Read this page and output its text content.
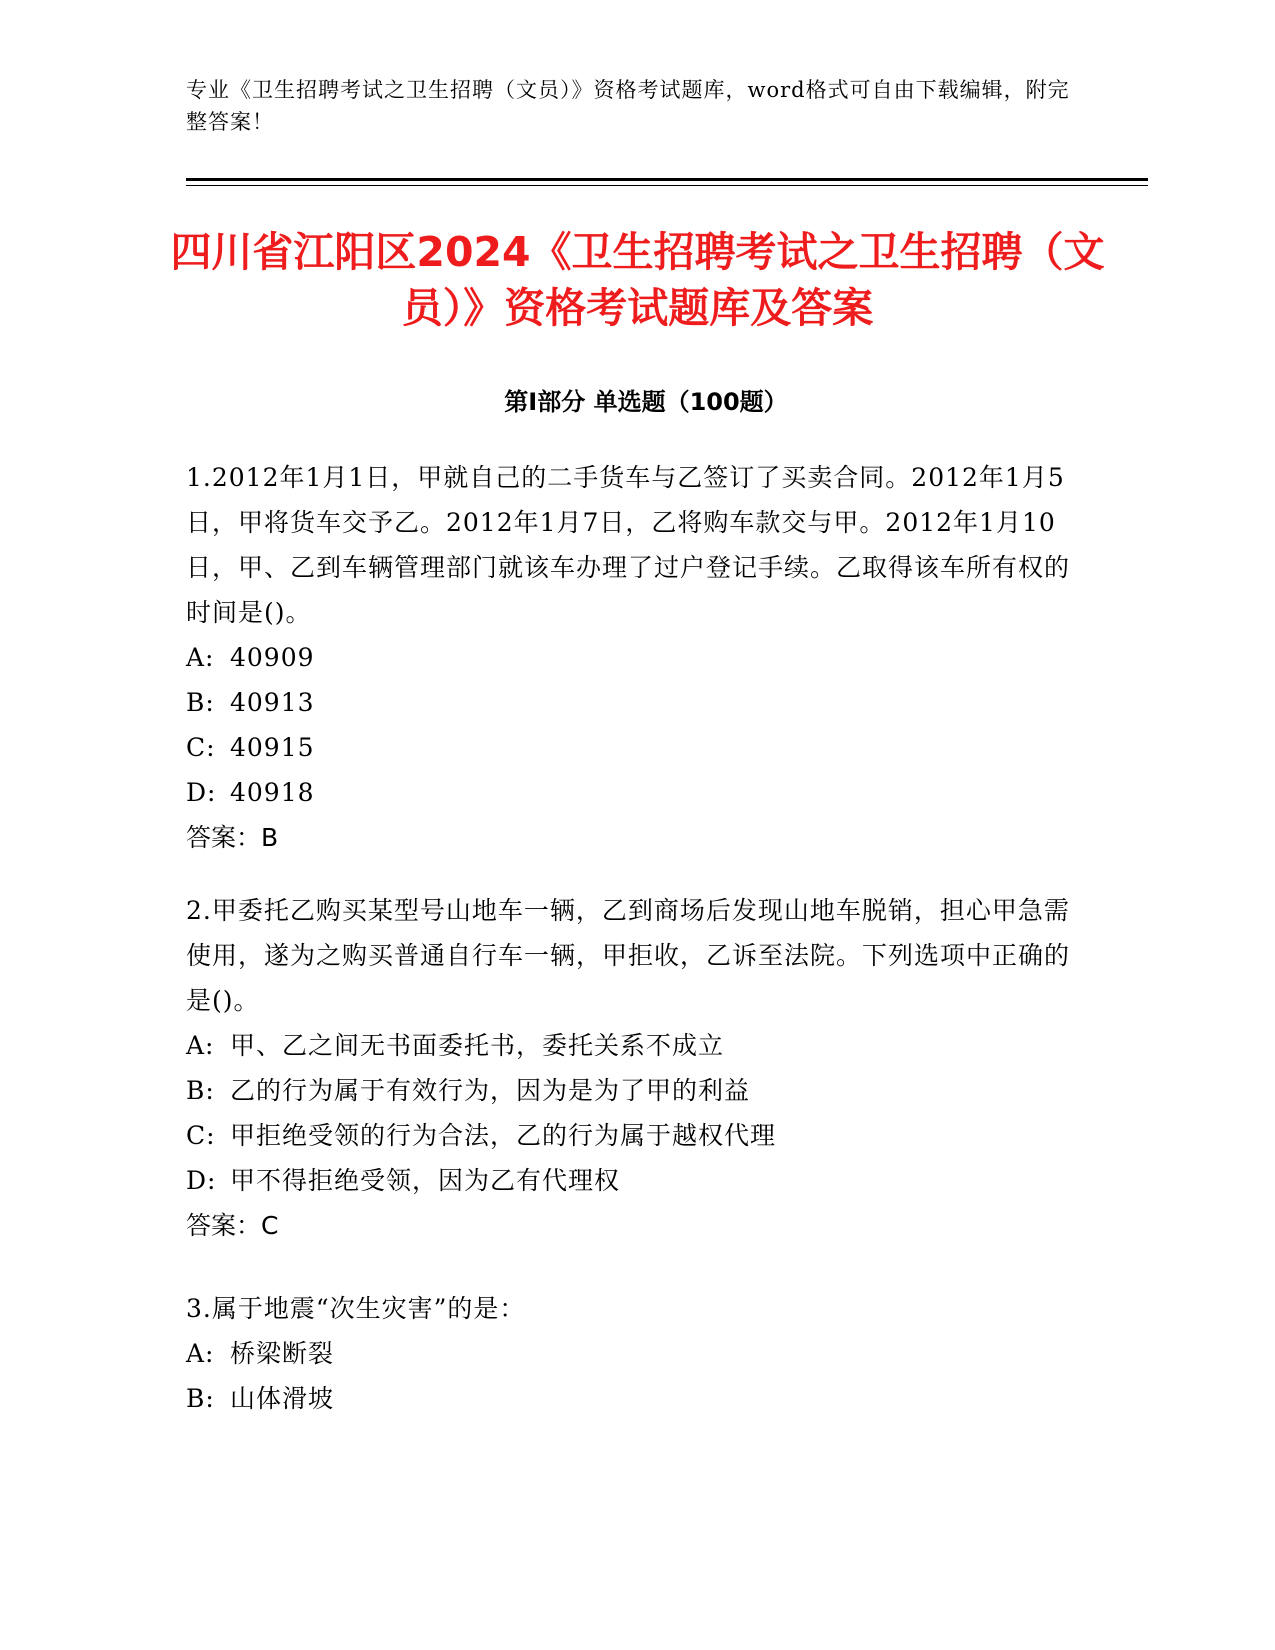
专业《卫生招聘考试之卫生招聘（文员）》资格考试题库，word格式可自由下载编辑，附完整答案！
四川省江阳区2024《卫生招聘考试之卫生招聘（文员）》资格考试题库及答案
第I部分 单选题（100题）

1.2012年1月1日，甲就自己的二手货车与乙签订了买卖合同。2012年1月5日，甲将货车交予乙。2012年1月7日，乙将购车款交与甲。2012年1月10日，甲、乙到车辆管理部门就该车办理了过户登记手续。乙取得该车所有权的时间是()。

A: 40909

B: 40913

C: 40915

D: 40918

答案：B

2.甲委托乙购买某型号山地车一辆，乙到商场后发现山地车脱销，担心甲急需使用，遂为之购买普通自行车一辆，甲拒收，乙诉至法院。下列选项中正确的是()。

A: 甲、乙之间无书面委托书，委托关系不成立

B: 乙的行为属于有效行为，因为是为了甲的利益

C: 甲拒绝受领的行为合法，乙的行为属于越权代理

D: 甲不得拒绝受领，因为乙有代理权

答案：C

3.属于地震“次生灾害”的是：

A: 桥梁断裂

B: 山体滑坡
